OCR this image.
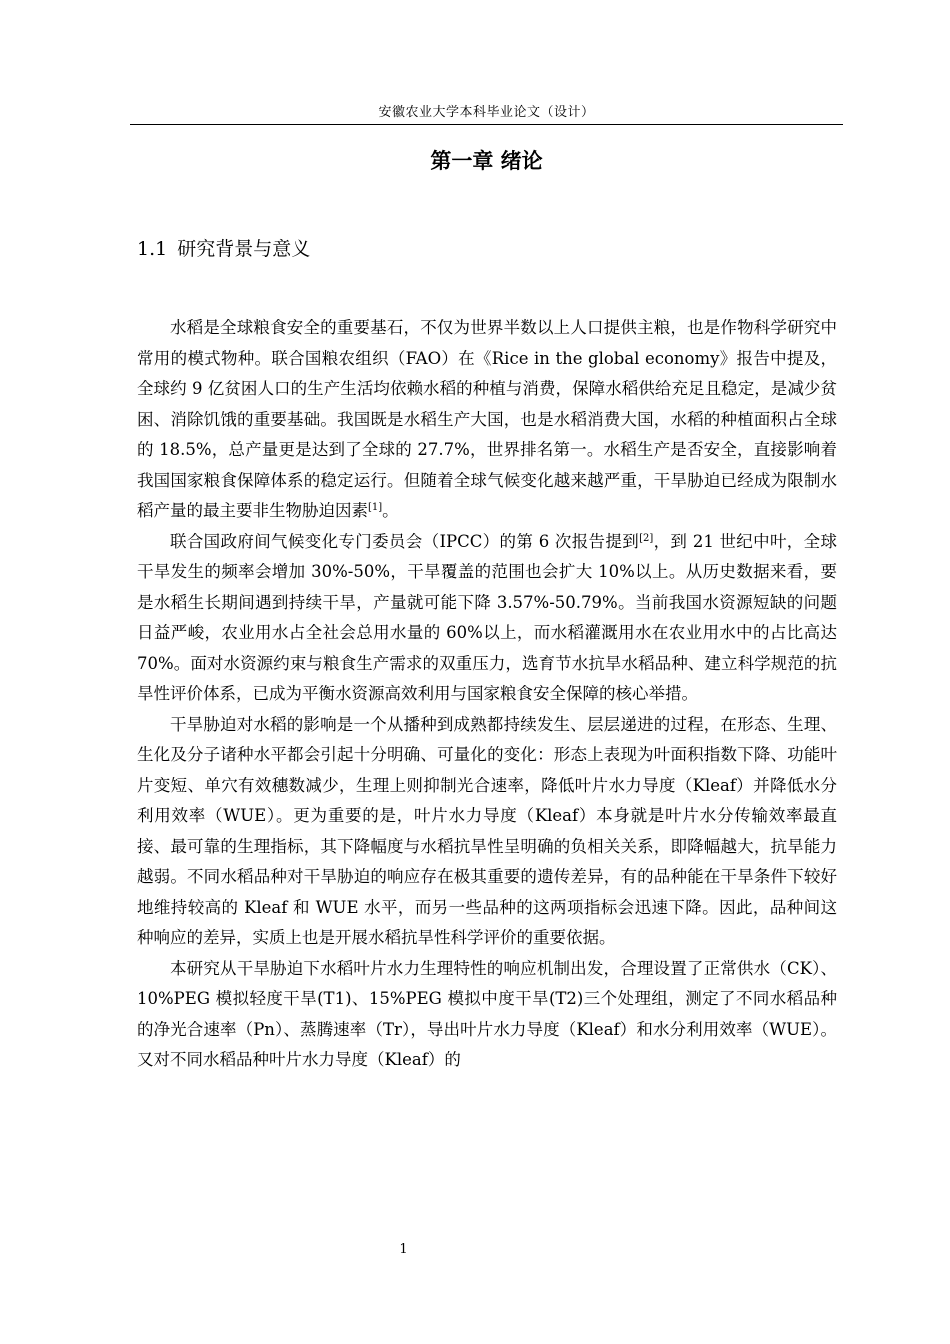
安徽农业大学本科毕业论文（设计）
第一章 绪论
1.1 研究背景与意义

水稻是全球粮食安全的重要基石，不仅为世界半数以上人口提供主粮，也是作物科学研究中常用的模式物种。联合国粮农组织（FAO）在《Rice in the global economy》报告中提及，全球约 9 亿贫困人口的生产生活均依赖水稻的种植与消费，保障水稻供给充足且稳定，是减少贫困、消除饥饿的重要基础。我国既是水稻生产大国，也是水稻消费大国，水稻的种植面积占全球的 18.5%，总产量更是达到了全球的 27.7%，世界排名第一。水稻生产是否安全，直接影响着我国国家粮食保障体系的稳定运行。但随着全球气候变化越来越严重，干旱胁迫已经成为限制水稻产量的最主要非生物胁迫因素[1]。

联合国政府间气候变化专门委员会（IPCC）的第 6 次报告提到[2]，到 21 世纪中叶，全球干旱发生的频率会增加 30%-50%，干旱覆盖的范围也会扩大 10%以上。从历史数据来看，要是水稻生长期间遇到持续干旱，产量就可能下降 3.57%-50.79%。当前我国水资源短缺的问题日益严峻，农业用水占全社会总用水量的 60%以上，而水稻灌溉用水在农业用水中的占比高达 70%。面对水资源约束与粮食生产需求的双重压力，选育节水抗旱水稻品种、建立科学规范的抗旱性评价体系，已成为平衡水资源高效利用与国家粮食安全保障的核心举措。

干旱胁迫对水稻的影响是一个从播种到成熟都持续发生、层层递进的过程，在形态、生理、生化及分子诸种水平都会引起十分明确、可量化的变化：形态上表现为叶面积指数下降、功能叶片变短、单穴有效穗数减少，生理上则抑制光合速率，降低叶片水力导度（Kleaf）并降低水分利用效率（WUE）。更为重要的是，叶片水力导度（Kleaf）本身就是叶片水分传输效率最直接、最可靠的生理指标，其下降幅度与水稻抗旱性呈明确的负相关关系，即降幅越大，抗旱能力越弱。不同水稻品种对干旱胁迫的响应存在极其重要的遗传差异，有的品种能在干旱条件下较好地维持较高的 Kleaf 和 WUE 水平，而另一些品种的这两项指标会迅速下降。因此，品种间这种响应的差异，实质上也是开展水稻抗旱性科学评价的重要依据。

本研究从干旱胁迫下水稻叶片水力生理特性的响应机制出发，合理设置了正常供水（CK）、10%PEG 模拟轻度干旱(T1)、15%PEG 模拟中度干旱(T2)三个处理组，测定了不同水稻品种的净光合速率（Pn）、蒸腾速率（Tr），导出叶片水力导度（Kleaf）和水分利用效率（WUE）。又对不同水稻品种叶片水力导度（Kleaf）的

1
